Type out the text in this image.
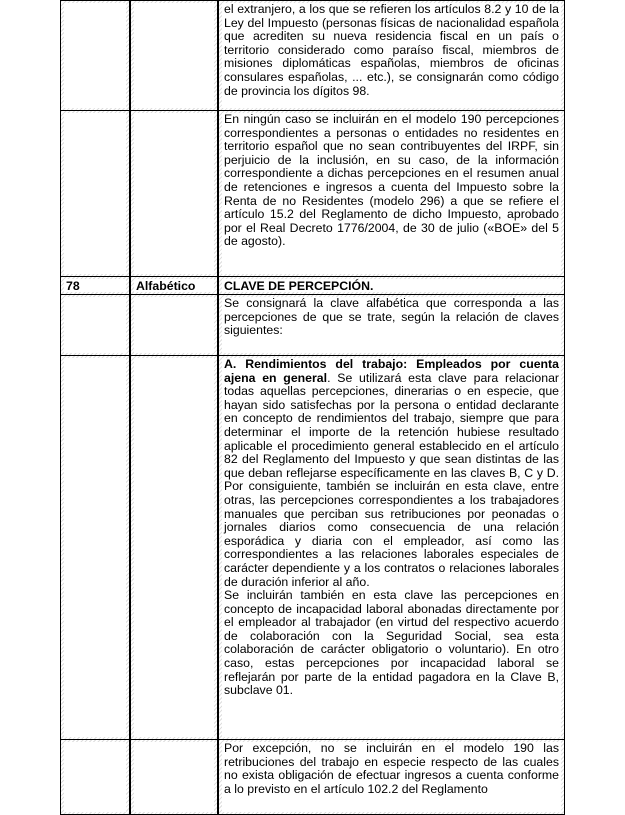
el extranjero, a los que se refieren los artículos 8.2 y 10 de la Ley del Impuesto (personas físicas de nacionalidad española que acrediten su nueva residencia fiscal en un país o territorio considerado como paraíso fiscal, miembros de misiones diplomáticas españolas, miembros de oficinas consulares españolas, ... etc.), se consignarán como código de provincia los dígitos 98.
En ningún caso se incluirán en el modelo 190 percepciones correspondientes a personas o entidades no residentes en territorio español que no sean contribuyentes del IRPF, sin perjuicio de la inclusión, en su caso, de la información correspondiente a dichas percepciones en el resumen anual de retenciones e ingresos a cuenta del Impuesto sobre la Renta de no Residentes (modelo 296) a que se refiere el artículo 15.2 del Reglamento de dicho Impuesto, aprobado por el Real Decreto 1776/2004, de 30 de julio («BOE» del 5 de agosto).
78	Alfabético	CLAVE DE PERCEPCIÓN.
Se consignará la clave alfabética que corresponda a las percepciones de que se trate, según la relación de claves siguientes:

A. Rendimientos del trabajo: Empleados por cuenta ajena en general. Se utilizará esta clave para relacionar todas aquellas percepciones, dinerarias o en especie, que hayan sido satisfechas por la persona o entidad declarante en concepto de rendimientos del trabajo, siempre que para determinar el importe de la retención hubiese resultado aplicable el procedimiento general establecido en el artículo 82 del Reglamento del Impuesto y que sean distintas de las que deban reflejarse específicamente en las claves B, C y D. Por consiguiente, también se incluirán en esta clave, entre otras, las percepciones correspondientes a los trabajadores manuales que perciban sus retribuciones por peonadas o jornales diarios como consecuencia de una relación esporádica y diaria con el empleador, así como las correspondientes a las relaciones laborales especiales de carácter dependiente y a los contratos o relaciones laborales de duración inferior al año.

Se incluirán también en esta clave las percepciones en concepto de incapacidad laboral abonadas directamente por el empleador al trabajador (en virtud del respectivo acuerdo de colaboración con la Seguridad Social, sea esta colaboración de carácter obligatorio o voluntario). En otro caso, estas percepciones por incapacidad laboral se reflejarán por parte de la entidad pagadora en la Clave B, subclave 01.

Por excepción, no se incluirán en el modelo 190 las retribuciones del trabajo en especie respecto de las cuales no exista obligación de efectuar ingresos a cuenta conforme a lo previsto en el artículo 102.2 del Reglamento
